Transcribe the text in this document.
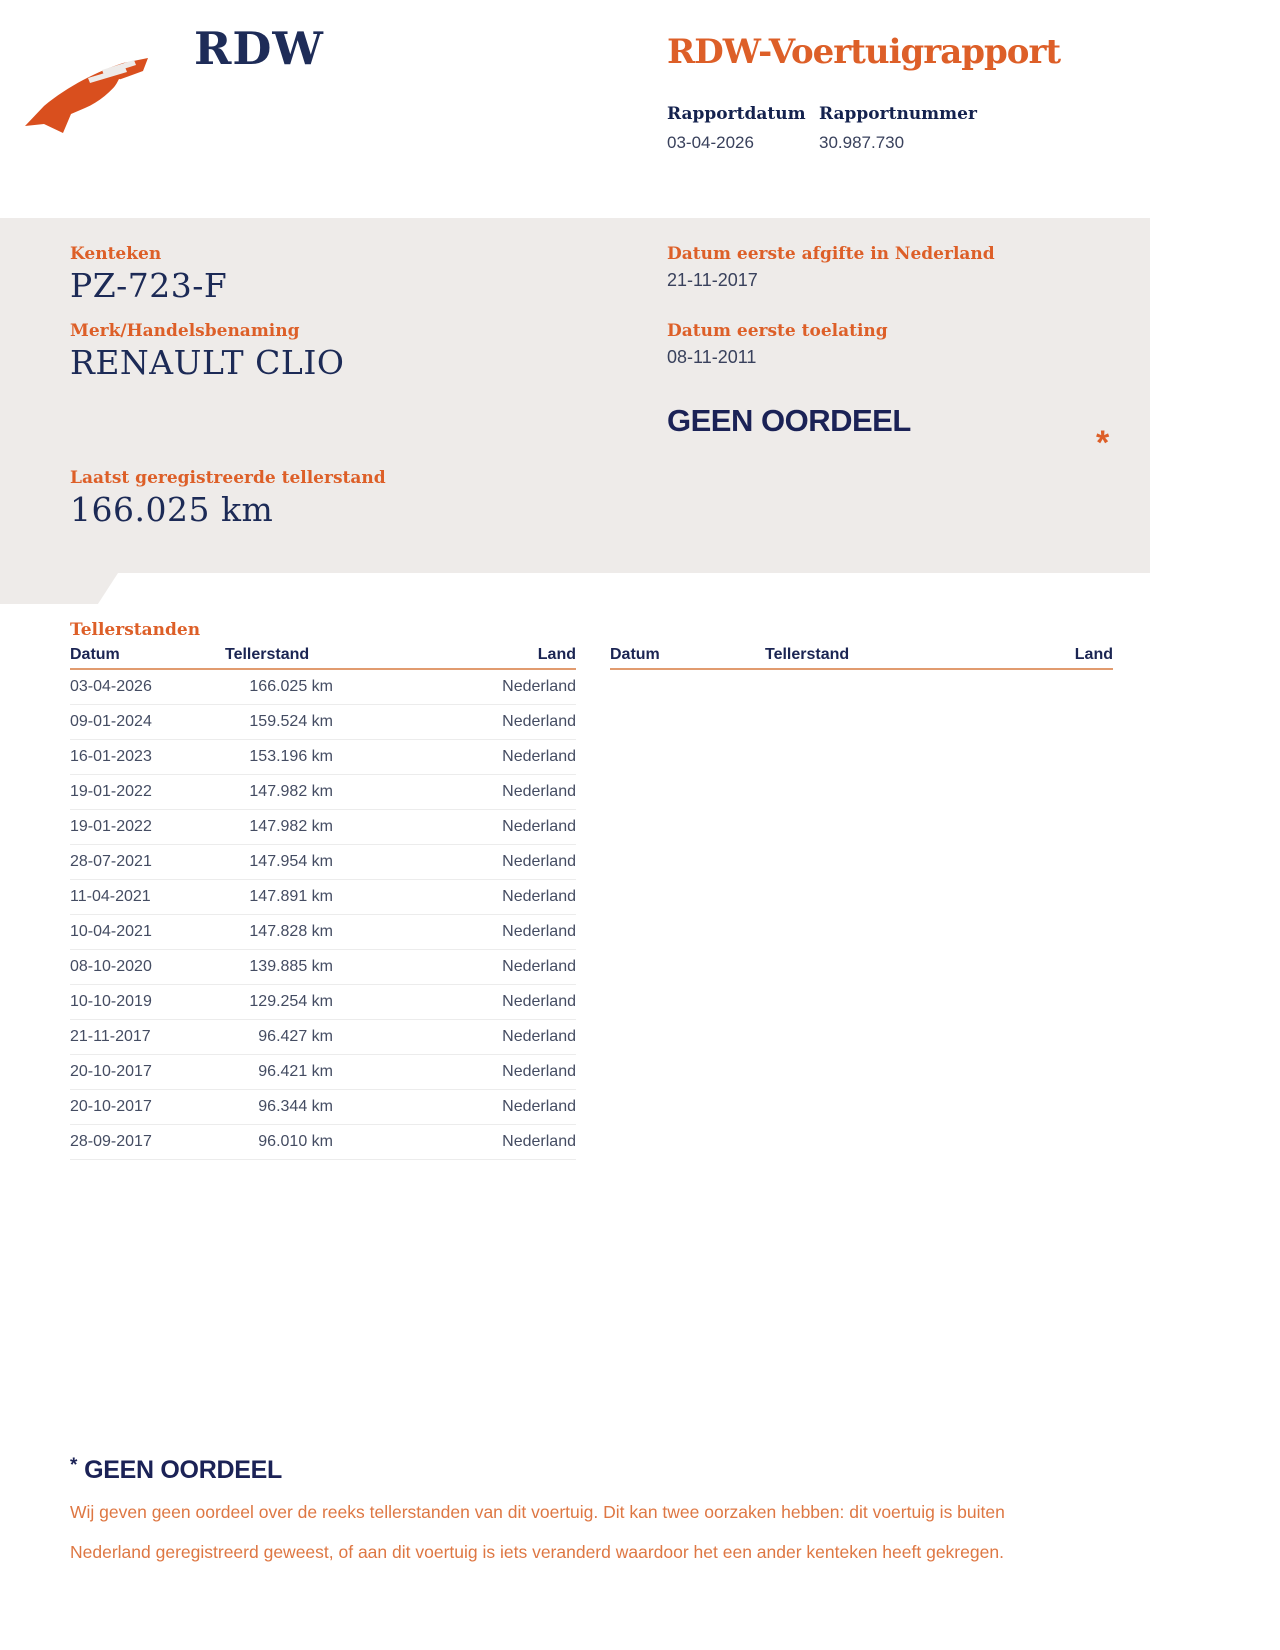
RDW	RDW-Voertuigrapport
Rapportdatum
03-04-2026
Rapportnummer
30.987.730
Kenteken
PZ-723-F
Merk/Handelsbenaming
RENAULT CLIO
Datum eerste afgifte in Nederland
21-11-2017
Datum eerste toelating
08-11-2011
GEEN OORDEEL
*
Laatst geregistreerde tellerstand
166.025 km
Tellerstanden
Datum	Tellerstand	Land
03-04-2026	166.025 km	Nederland
09-01-2024	159.524 km	Nederland
16-01-2023	153.196 km	Nederland
19-01-2022	147.982 km	Nederland
19-01-2022	147.982 km	Nederland
28-07-2021	147.954 km	Nederland
11-04-2021	147.891 km	Nederland
10-04-2021	147.828 km	Nederland
08-10-2020	139.885 km	Nederland
10-10-2019	129.254 km	Nederland
21-11-2017	96.427 km	Nederland
20-10-2017	96.421 km	Nederland
20-10-2017	96.344 km	Nederland
28-09-2017	96.010 km	Nederland
Datum	Tellerstand	Land
* GEEN OORDEEL
Wij geven geen oordeel over de reeks tellerstanden van dit voertuig. Dit kan twee oorzaken hebben: dit voertuig is buiten Nederland geregistreerd geweest, of aan dit voertuig is iets veranderd waardoor het een ander kenteken heeft gekregen.
